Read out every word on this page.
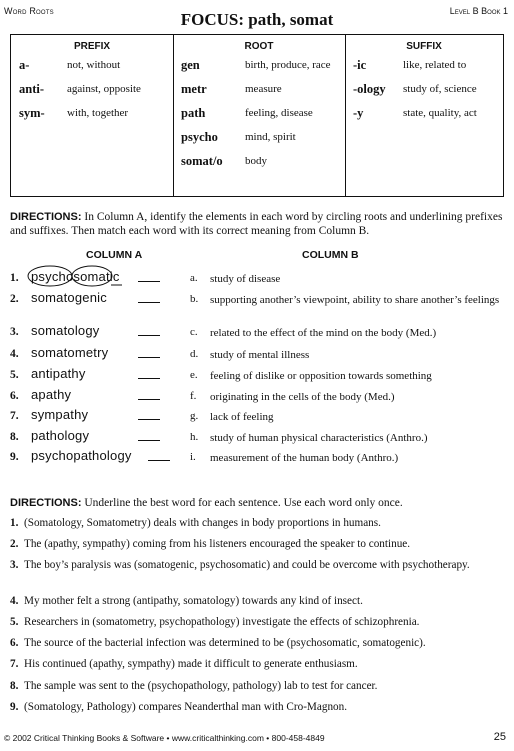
Word Roots	FOCUS: path, somat	Level B Book 1
PREFIX
a-	not, without
anti- against, opposite
sym- with, together
ROOT
gen	birth, produce, race
metr	measure
path	feeling, disease
psycho mind, spirit
somat/o body
SUFFIX
-ic	like, related to
-ology study of, science
-y	state, quality, act
DIRECTIONS: In Column A, identify the elements in each word by circling roots and underlining prefixes and suffixes. Then match each word with its correct meaning from Column B.
COLUMN A	COLUMN B
1. psychosomatic	a. study of disease
2. somatogenic	b. supporting another’s viewpoint, ability to share another’s feelings
3. somatology	c. related to the effect of the mind on the body (Med.)
4. somatometry	d. study of mental illness
5. antipathy	e. feeling of dislike or opposition towards something
6. apathy	f. originating in the cells of the body (Med.)
7. sympathy	g. lack of feeling
8. pathology	h. study of human physical characteristics (Anthro.)
9. psychopathology	i. measurement of the human body (Anthro.)
DIRECTIONS: Underline the best word for each sentence. Use each word only once.
1. (Somatology, Somatometry) deals with changes in body proportions in humans.
2. The (apathy, sympathy) coming from his listeners encouraged the speaker to continue.
3. The boy’s paralysis was (somatogenic, psychosomatic) and could be overcome with psychotherapy.
4. My mother felt a strong (antipathy, somatology) towards any kind of insect.
5. Researchers in (somatometry, psychopathology) investigate the effects of schizophrenia.
6. The source of the bacterial infection was determined to be (psychosomatic, somatogenic).
7. His continued (apathy, sympathy) made it difficult to generate enthusiasm.
8. The sample was sent to the (psychopathology, pathology) lab to test for cancer.
9. (Somatology, Pathology) compares Neanderthal man with Cro-Magnon.
© 2002 Critical Thinking Books & Software • www.criticalthinking.com • 800-458-4849	25
